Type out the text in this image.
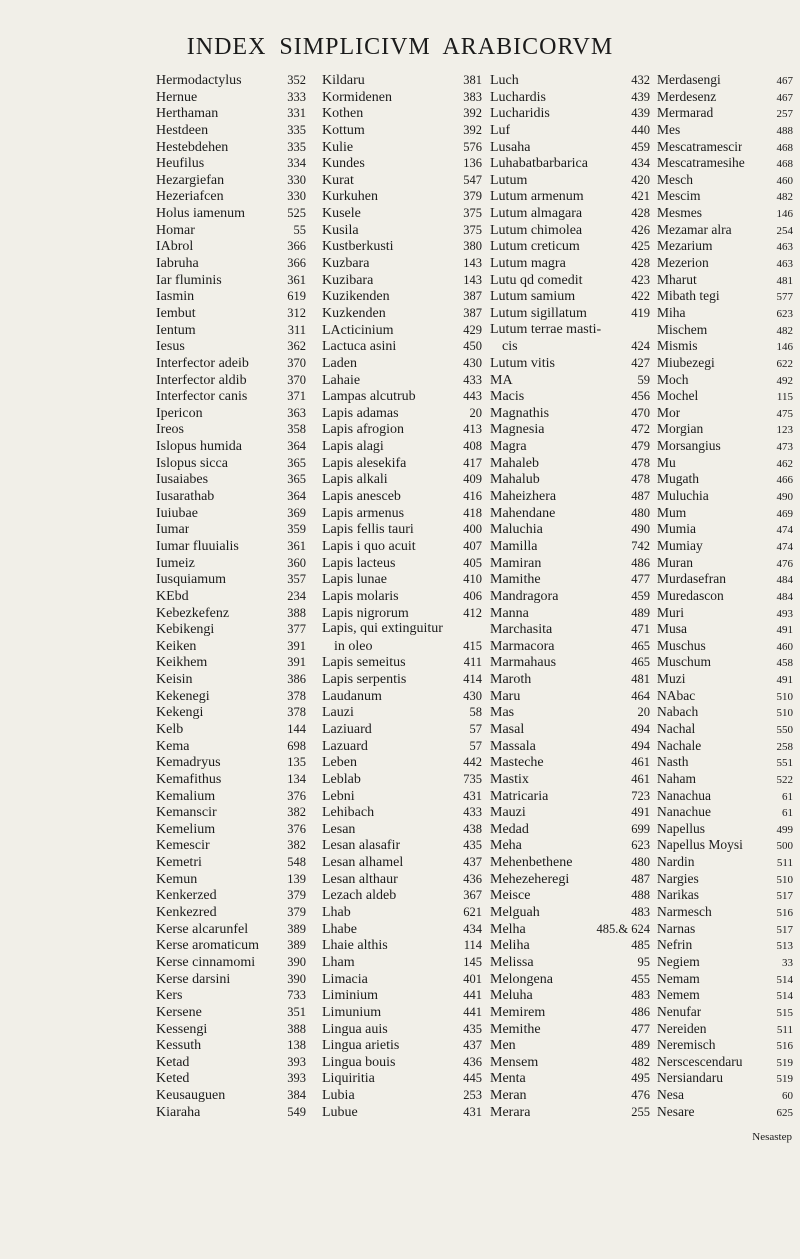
INDEX SIMPLICIVM ARABICORVM
Hermodactylus	352
Hernue	333
Herthaman	331
Hestdeen	335
Hestebdehen	335
Heufilus	334
Hezargiefan	330
Hezeriafcen	330
Holus iamenum	525
Homar	55
IAbrol	366
Iabruha	366
Iar fluminis	361
Iasmin	619
Iembut	312
Ientum	311
Iesus	362
Interfector adeib	370
Interfector aldib	370
Interfector canis	371
Ipericon	363
Ireos	358
Islopus humida	364
Islopus sicca	365
Iusaiabes	365
Iusarathab	364
Iuiubae	369
Iumar	359
Iumar fluuialis	361
Iumeiz	360
Iusquiamum	357
KEbd	234
Kebezkefenz	388
Kebikengi	377
Keiken	391
Keikhem	391
Keisin	386
Kekenegi	378
Kekengi	378
Kelb	144
Kema	698
Kemadryus	135
Kemafithus	134
Kemalium	376
Kemanscir	382
Kemelium	376
Kemescir	382
Kemetri	548
Kemun	139
Kenkerzed	379
Kenkezred	379
Kerse alcarunfel	389
Kerse aromaticum	389
Kerse cinnamomi	390
Kerse darsini	390
Kers	733
Kersene	351
Kessengi	388
Kessuth	138
Ketad	393
Keted	393
Keusauguen	384
Kiaraha	549
Kildaru	381
Kormidenen	383
Kothen	392
Kottum	392
Kulie	576
Kundes	136
Kurat	547
Kurkuhen	379
Kusele	375
Kusila	375
Kustberkusti	380
Kuzbara	143
Kuzibara	143
Kuzikenden	387
Kuzkenden	387
LActicinium	429
Lactuca asini	450
Laden	430
Lahaie	433
Lampas alcutrub	443
Lapis adamas	20
Lapis afrogion	413
Lapis alagi	408
Lapis alesekifa	417
Lapis alkali	409
Lapis anesceb	416
Lapis armenus	418
Lapis fellis tauri	400
Lapis i quo acuit	407
Lapis lacteus	405
Lapis lunae	410
Lapis molaris	406
Lapis nigrorum	412
Lapis, qui extinguitur
in oleo	415
Lapis semeitus	411
Lapis serpentis	414
Laudanum	430
Lauzi	58
Laziuard	57
Lazuard	57
Leben	442
Leblab	735
Lebni	431
Lehibach	433
Lesan	438
Lesan alasafir	435
Lesan alhamel	437
Lesan althaur	436
Lezach aldeb	367
Lhab	621
Lhabe	434
Lhaie althis	114
Lham	145
Limacia	401
Liminium	441
Limunium	441
Lingua auis	435
Lingua arietis	437
Lingua bouis	436
Liquiritia	445
Lubia	253
Lubue	431
Luch	432
Luchardis	439
Lucharidis	439
Luf	440
Lusaha	459
Luhabatbarbarica	434
Lutum	420
Lutum armenum	421
Lutum almagara	428
Lutum chimolea	426
Lutum creticum	425
Lutum magra	428
Lutu qd comedit	423
Lutum samium	422
Lutum sigillatum	419
Lutum terrae masti-
cis	424
Lutum vitis	427
MA	59
Macis	456
Magnathis	470
Magnesia	472
Magra	479
Mahaleb	478
Mahalub	478
Maheizhera	487
Mahendane	480
Maluchia	490
Mamilla	742
Mamiran	486
Mamithe	477
Mandragora	459
Manna	489
Marchasita	471
Marmacora	465
Marmahaus	465
Maroth	481
Maru	464
Mas	20
Masal	494
Massala	494
Masteche	461
Mastix	461
Matricaria	723
Mauzi	491
Medad	699
Meha	623
Mehenbethene	480
Mehezeheregi	487
Meisce	488
Melguah	483
Melha	485.& 624
Meliha	485
Melissa	95
Melongena	455
Meluha	483
Memirem	486
Memithe	477
Men	489
Mensem	482
Menta	495
Meran	476
Merara	255
Merdasengi	467
Merdesenz	467
Mermarad	257
Mes	488
Mescatramescir	468
Mescatramesihe	468
Mesch	460
Mescim	482
Mesmes	146
Mezamar alra	254
Mezarium	463
Mezerion	463
Mharut	481
Mibath tegi	577
Miha	623
Mischem	482
Mismis	146
Miubezegi	622
Moch	492
Mochel	115
Mor	475
Morgian	123
Morsangius	473
Mu	462
Mugath	466
Muluchia	490
Mum	469
Mumia	474
Mumiay	474
Muran	476
Murdasefran	484
Muredascon	484
Muri	493
Musa	491
Muschus	460
Muschum	458
Muzi	491
NAbac	510
Nabach	510
Nachal	550
Nachale	258
Nasth	551
Naham	522
Nanachua	61
Nanachue	61
Napellus	499
Napellus Moysi	500
Nardin	511
Nargies	510
Narikas	517
Narmesch	516
Narnas	517
Nefrin	513
Negiem	33
Nemam	514
Nemem	514
Nenufar	515
Nereiden	511
Neremisch	516
Nerscescendaru	519
Nersiandaru	519
Nesa	60
Nesare	625
Nesastep
